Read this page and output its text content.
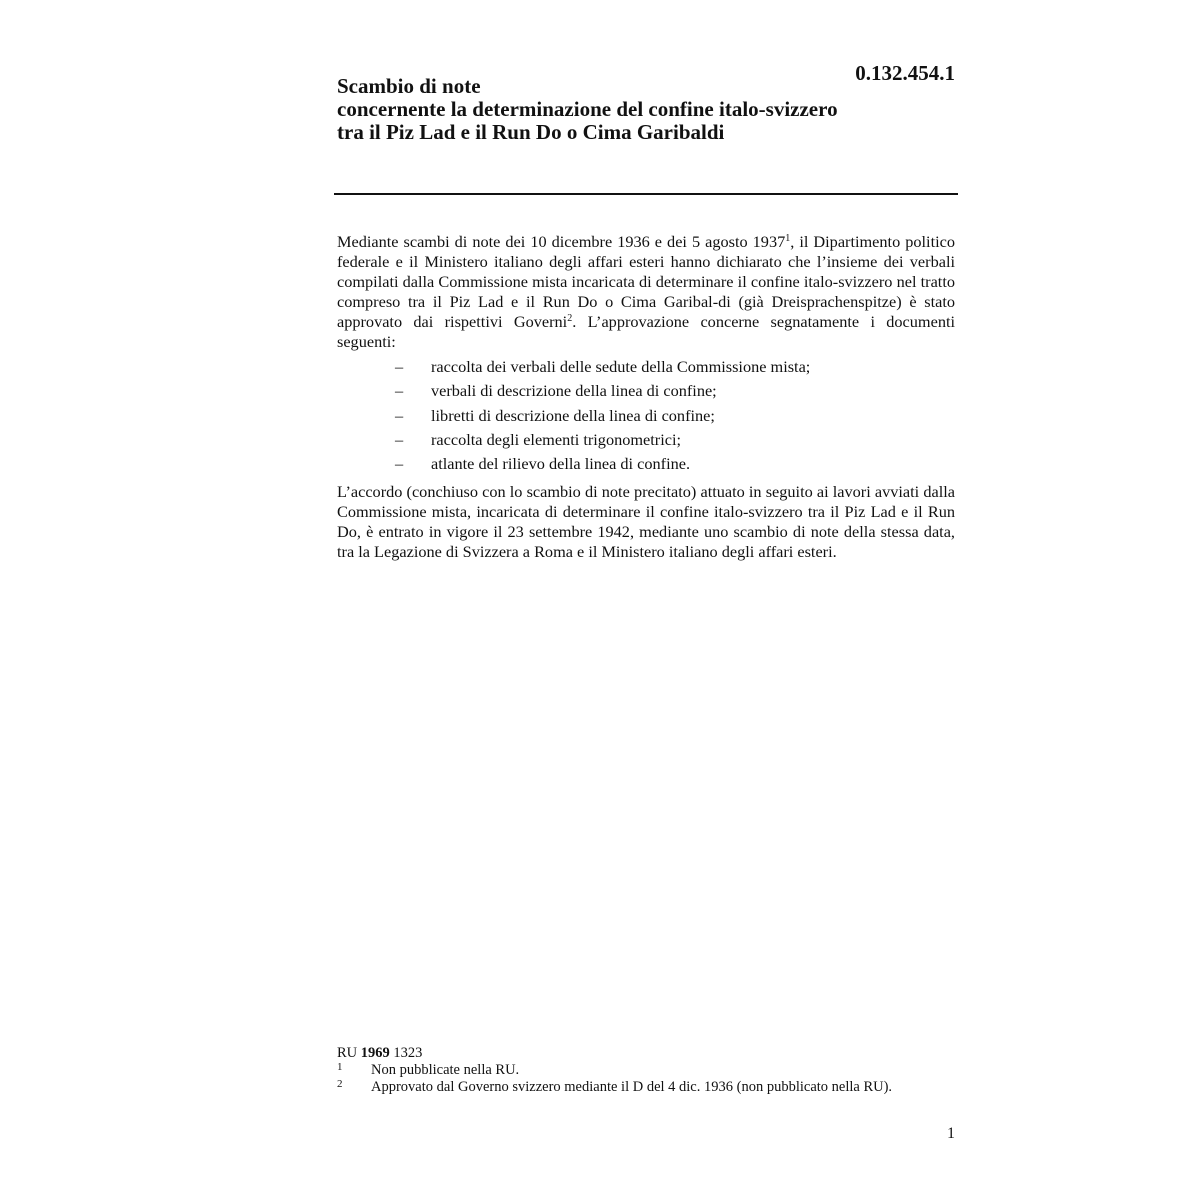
0.132.454.1
Scambio di note
concernente la determinazione del confine italo-svizzero
tra il Piz Lad e il Run Do o Cima Garibaldi

Mediante scambi di note dei 10 dicembre 1936 e dei 5 agosto 1937$^1$, il Dipartimento politico federale e il Ministero italiano degli affari esteri hanno dichiarato che l’insieme dei verbali compilati dalla Commissione mista incaricata di determinare il confine italo-svizzero nel tratto compreso tra il Piz Lad e il Run Do o Cima Garibal-di (già Dreisprachenspitze) è stato approvato dai rispettivi Governi$^2$. L’approvazione concerne segnatamente i documenti seguenti:

– raccolta dei verbali delle sedute della Commissione mista;
– verbali di descrizione della linea di confine;
– libretti di descrizione della linea di confine;
– raccolta degli elementi trigonometrici;
– atlante del rilievo della linea di confine.

L’accordo (conchiuso con lo scambio di note precitato) attuato in seguito ai lavori avviati dalla Commissione mista, incaricata di determinare il confine italo-svizzero tra il Piz Lad e il Run Do, è entrato in vigore il 23 settembre 1942, mediante uno scambio di note della stessa data, tra la Legazione di Svizzera a Roma e il Ministero italiano degli affari esteri.

RU 1969 1323
1 Non pubblicate nella RU.
2 Approvato dal Governo svizzero mediante il D del 4 dic. 1936 (non pubblicato nella RU).
1
